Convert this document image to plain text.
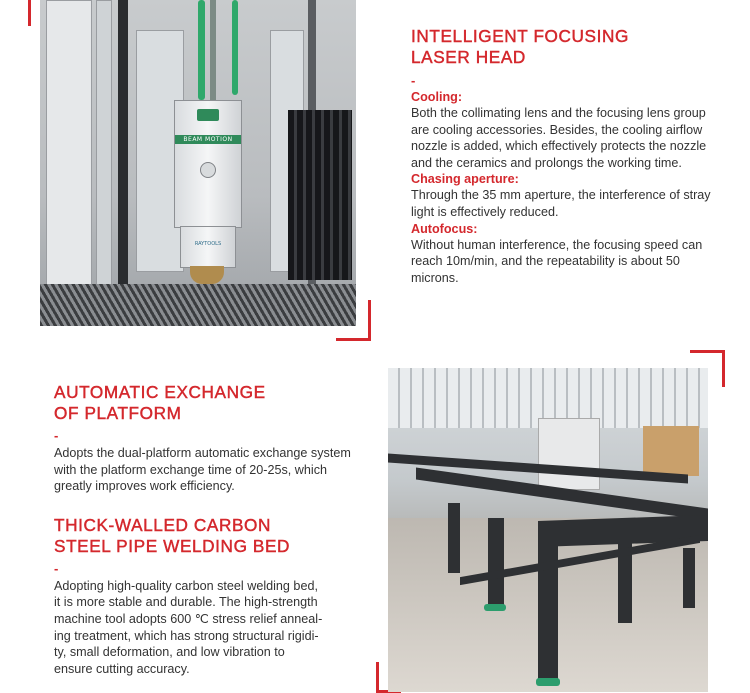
BEAM MOTION
RAYTOOLS
INTELLIGENT FOCUSING
LASER HEAD
-
Cooling:

Both the collimating lens and the focusing lens group are cooling accessories. Besides, the cooling airflow nozzle is added, which effectively protects the nozzle and the ceramics and prolongs the working time.

Chasing aperture:

Through the 35 mm aperture, the interference of stray light is effectively reduced.

Autofocus:

Without human interference, the focusing speed can reach 10m/min, and the repeatability is about 50 microns.

AUTOMATIC EXCHANGE
OF PLATFORM
-

Adopts the dual-platform automatic exchange system with the platform exchange time of 20-25s, which greatly improves work efficiency.

THICK-WALLED CARBON
STEEL PIPE WELDING BED
-

Adopting high-quality carbon steel welding bed,
it is more stable and durable. The high-strength
machine tool adopts 600 ℃ stress relief anneal-
ing treatment, which has strong structural rigidi-
ty, small deformation, and low vibration to
ensure cutting accuracy.
